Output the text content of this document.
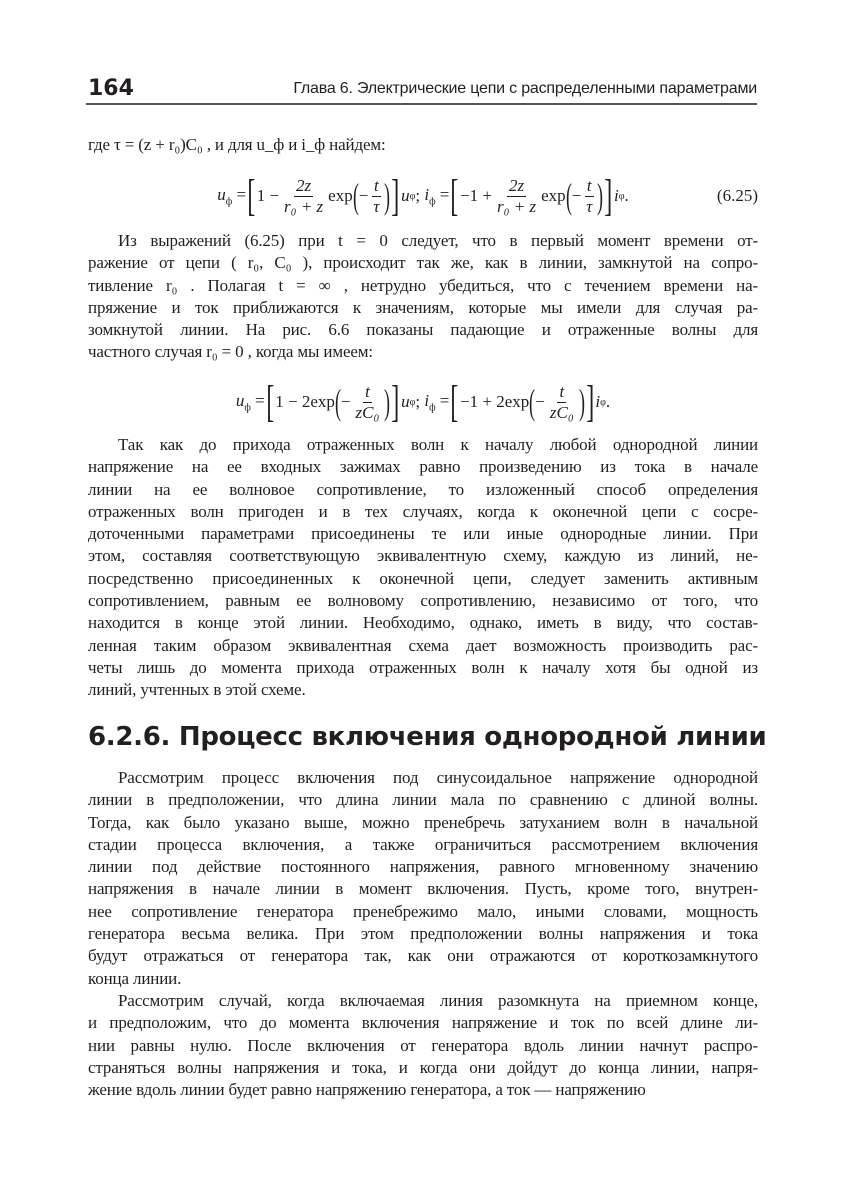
164	Глава 6. Электрические цепи с распределенными параметрами
где τ = (z + r₀)C₀ , и для u_ф и i_ф найдем:
$u_ф$ = [ $1 - \frac{2z}{\text{r₀ + z}}$ exp ( − $\frac{t}{\tau}$ ) ] u φ ;
$i_ф$ = [ $-1 + \frac{2z}{\text{r₀ + z}}$ exp ( − $\frac{t}{\tau}$ ) ] i φ .	(6.25)
Из выражений (6.25) при t = 0 следует, что в первый момент времени от-
ражение от цепи ( r₀, C₀ ), происходит так же, как в линии, замкнутой на сопро-
тивление r₀ . Полагая t = ∞ , нетрудно убедиться, что с течением времени на-
пряжение и ток приближаются к значениям, которые мы имели для случая ра-
зомкнутой линии. На рис. 6.6 показаны падающие и отраженные волны для
частного случая r₀ = 0 , когда мы имеем:
$u_ф$ = [ 1 − 2 exp ( − $\frac{t}{\text{zC₀}}$ ) ] u φ ;
$i_ф$ = [ −1 + 2 exp ( − $\frac{t}{\text{zC₀}}$ ) ] i φ .
Так как до прихода отраженных волн к началу любой однородной линии
напряжение на ее входных зажимах равно произведению из тока в начале
линии на ее волновое сопротивление, то изложенный способ определения
отраженных волн пригоден и в тех случаях, когда к оконечной цепи с сосре-
доточенными параметрами присоединены те или иные однородные линии. При
этом, составляя соответствующую эквивалентную схему, каждую из линий, не-
посредственно присоединенных к оконечной цепи, следует заменить активным
сопротивлением, равным ее волновому сопротивлению, независимо от того, что
находится в конце этой линии. Необходимо, однако, иметь в виду, что состав-
ленная таким образом эквивалентная схема дает возможность производить рас-
четы лишь до момента прихода отраженных волн к началу хотя бы одной из
линий, учтенных в этой схеме.
6.2.6. Процесс включения однородной линии
Рассмотрим процесс включения под синусоидальное напряжение однородной
линии в предположении, что длина линии мала по сравнению с длиной волны.
Тогда, как было указано выше, можно пренебречь затуханием волн в начальной
стадии процесса включения, а также ограничиться рассмотрением включения
линии под действие постоянного напряжения, равного мгновенному значению
напряжения в начале линии в момент включения. Пусть, кроме того, внутрен-
нее сопротивление генератора пренебрежимо мало, иными словами, мощность
генератора весьма велика. При этом предположении волны напряжения и тока
будут отражаться от генератора так, как они отражаются от короткозамкнутого
конца линии.
Рассмотрим случай, когда включаемая линия разомкнута на приемном конце,
и предположим, что до момента включения напряжение и ток по всей длине ли-
нии равны нулю. После включения от генератора вдоль линии начнут распро-
страняться волны напряжения и тока, и когда они дойдут до конца линии, напря-
жение вдоль линии будет равно напряжению генератора, а ток — напряжению
